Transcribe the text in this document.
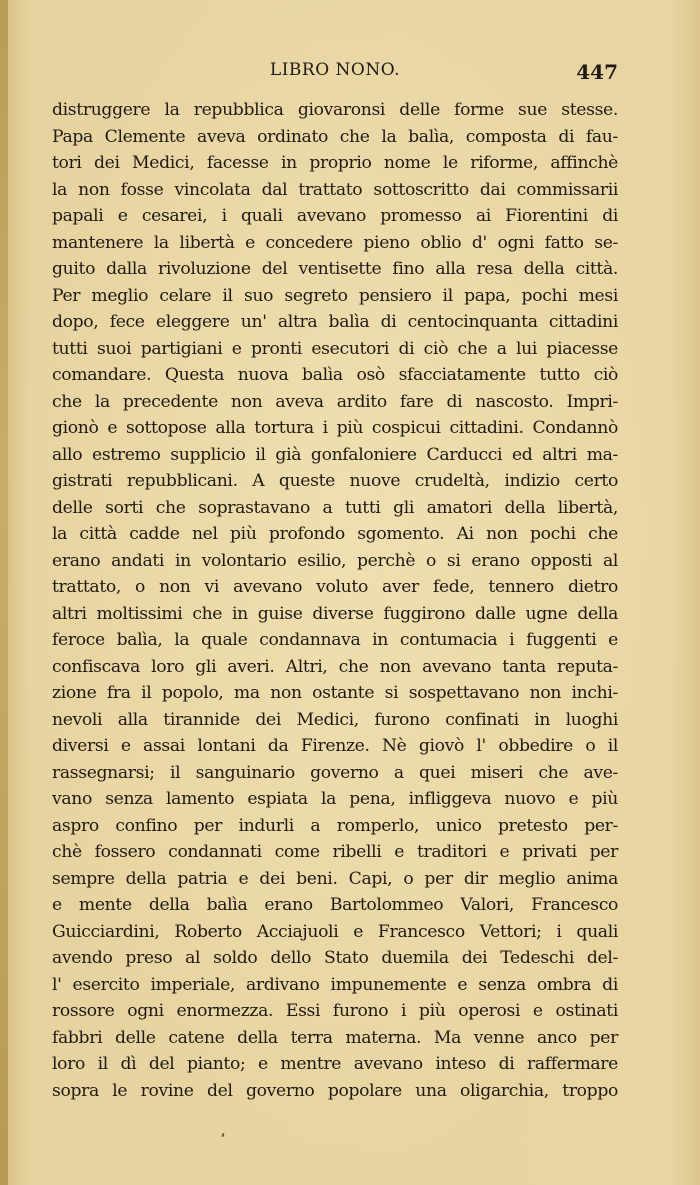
LIBRO NONO.	447
distruggere la repubblica giovaronsi delle forme sue stesse.
Papa Clemente aveva ordinato che la balìa, composta di fau-
tori dei Medici, facesse in proprio nome le riforme, affinchè
la non fosse vincolata dal trattato sottoscritto dai commissarii
papali e cesarei, i quali avevano promesso ai Fiorentini di
mantenere la libertà e concedere pieno oblio d' ogni fatto se-
guito dalla rivoluzione del ventisette fino alla resa della città.
Per meglio celare il suo segreto pensiero il papa, pochi mesi
dopo, fece eleggere un' altra balìa di centocinquanta cittadini
tutti suoi partigiani e pronti esecutori di ciò che a lui piacesse
comandare. Questa nuova balìa osò sfacciatamente tutto ciò
che la precedente non aveva ardito fare di nascosto. Impri-
gionò e sottopose alla tortura i più cospicui cittadini. Condannò
allo estremo supplicio il già gonfaloniere Carducci ed altri ma-
gistrati repubblicani. A queste nuove crudeltà, indizio certo
delle sorti che soprastavano a tutti gli amatori della libertà,
la città cadde nel più profondo sgomento. Ai non pochi che
erano andati in volontario esilio, perchè o si erano opposti al
trattato, o non vi avevano voluto aver fede, tennero dietro
altri moltissimi che in guise diverse fuggirono dalle ugne della
feroce balìa, la quale condannava in contumacia i fuggenti e
confiscava loro gli averi. Altri, che non avevano tanta reputa-
zione fra il popolo, ma non ostante si sospettavano non inchi-
nevoli alla tirannide dei Medici, furono confinati in luoghi
diversi e assai lontani da Firenze. Nè giovò l' obbedire o il
rassegnarsi; il sanguinario governo a quei miseri che ave-
vano senza lamento espiata la pena, infliggeva nuovo e più
aspro confino per indurli a romperlo, unico pretesto per-
chè fossero condannati come ribelli e traditori e privati per
sempre della patria e dei beni. Capi, o per dir meglio anima
e mente della balìa erano Bartolommeo Valori, Francesco
Guicciardini, Roberto Acciajuoli e Francesco Vettori; i quali
avendo preso al soldo dello Stato duemila dei Tedeschi del-
l' esercito imperiale, ardivano impunemente e senza ombra di
rossore ogni enormezza. Essi furono i più operosi e ostinati
fabbri delle catene della terra materna. Ma venne anco per
loro il dì del pianto; e mentre avevano inteso di raffermare
sopra le rovine del governo popolare una oligarchia, troppo
